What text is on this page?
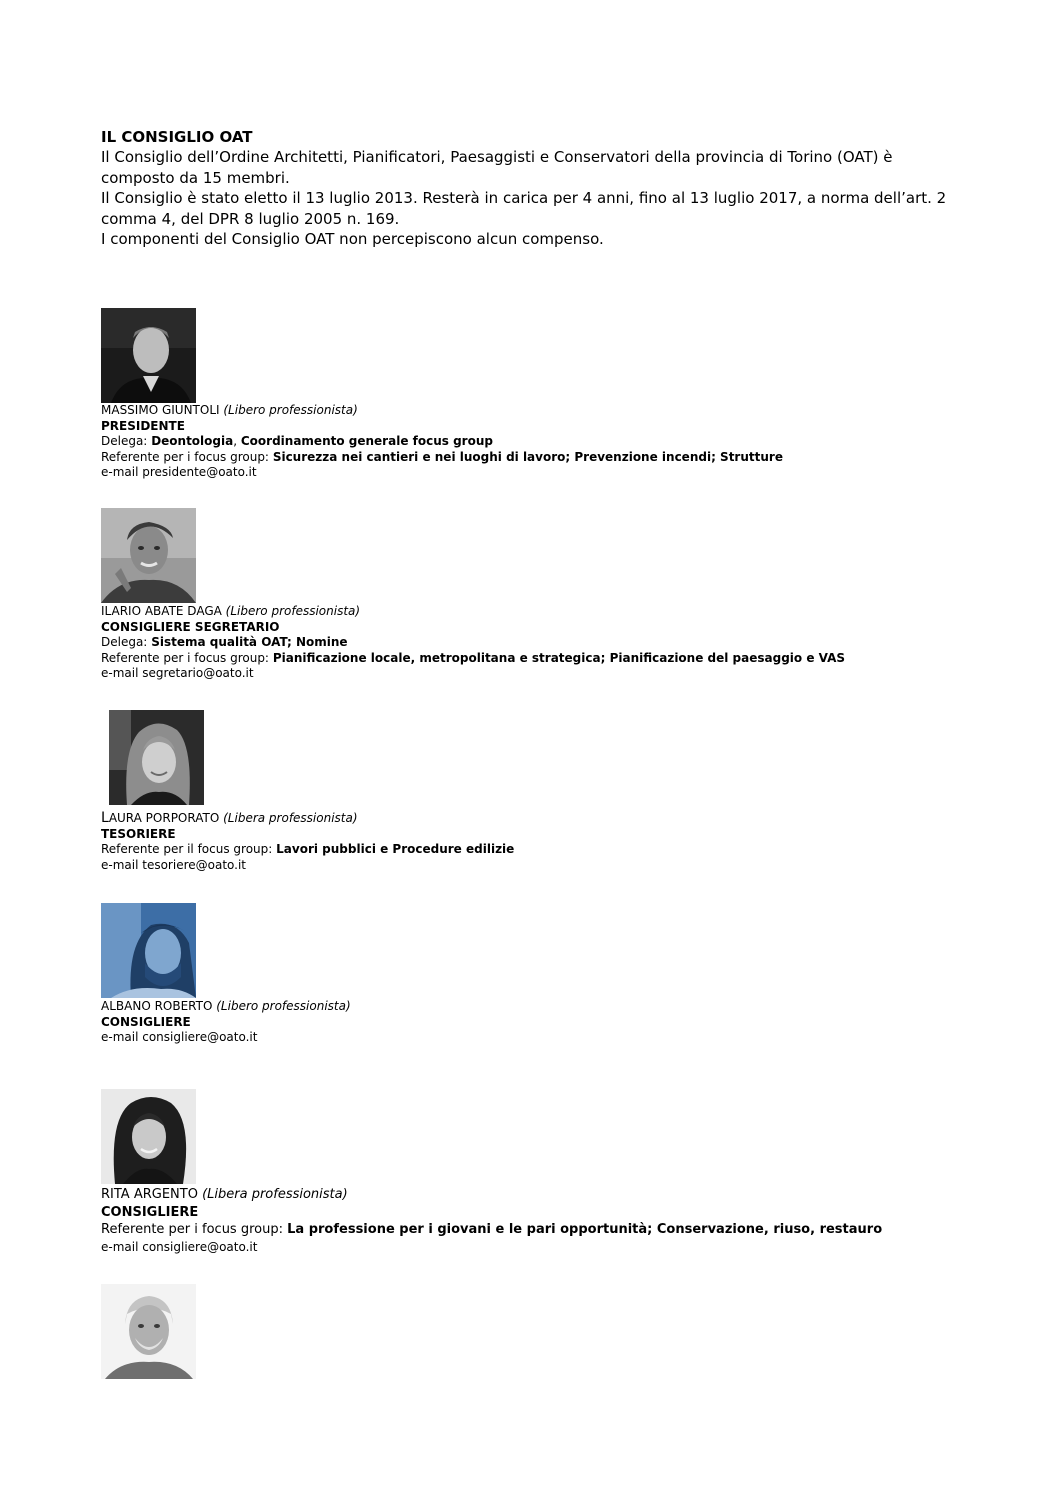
IL CONSIGLIO OAT

Il Consiglio dell’Ordine Architetti, Pianificatori, Paesaggisti e Conservatori della provincia di Torino (OAT) è composto da 15 membri.

Il Consiglio è stato eletto il 13 luglio 2013. Resterà in carica per 4 anni, fino al 13 luglio 2017, a norma dell’art. 2 comma 4, del DPR 8 luglio 2005 n. 169.

I componenti del Consiglio OAT non percepiscono alcun compenso.

MASSIMO GIUNTOLI (Libero professionista)

PRESIDENTE

Delega: Deontologia, Coordinamento generale focus group

Referente per i focus group: Sicurezza nei cantieri e nei luoghi di lavoro; Prevenzione incendi; Strutture

e-mail presidente@oato.it

ILARIO ABATE DAGA (Libero professionista)

CONSIGLIERE SEGRETARIO

Delega: Sistema qualità OAT; Nomine

Referente per i focus group: Pianificazione locale, metropolitana e strategica; Pianificazione del paesaggio e VAS

e-mail segretario@oato.it

LAURA PORPORATO (Libera professionista)

TESORIERE

Referente per il focus group: Lavori pubblici e Procedure edilizie

e-mail tesoriere@oato.it

ALBANO ROBERTO (Libero professionista)

CONSIGLIERE

e-mail consigliere@oato.it

RITA ARGENTO (Libera professionista)

CONSIGLIERE

Referente per i focus group: La professione per i giovani e le pari opportunità; Conservazione, riuso, restauro

e-mail consigliere@oato.it
